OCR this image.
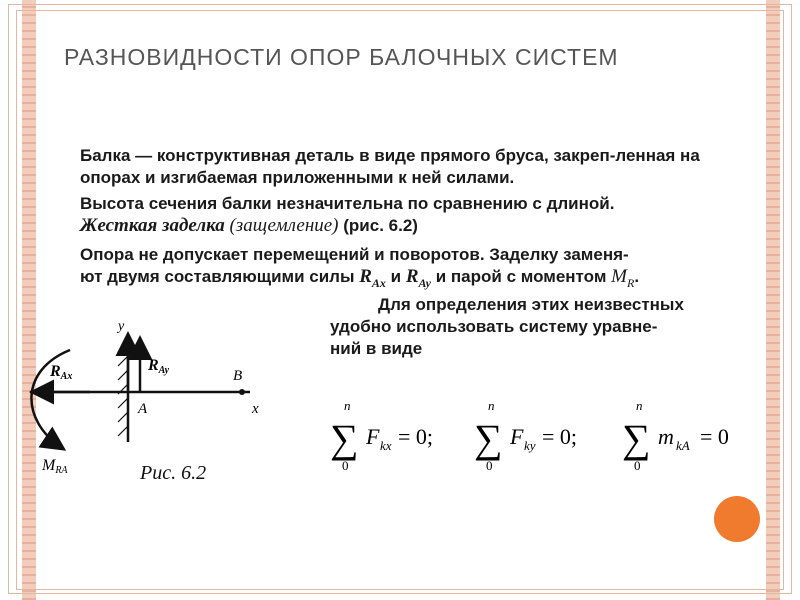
РАЗНОВИДНОСТИ ОПОР БАЛОЧНЫХ СИСТЕМ
Балка — конструктивная деталь в виде прямого бруса, закреп-ленная на опорах и изгибаемая приложенными к ней силами.
Высота сечения балки незначительна по сравнению с длиной.
Жесткая заделка (защемление) (рис. 6.2)
Опора не допускает перемещений и поворотов. Заделку заменя-
ют двумя составляющими силы $R_{Ax}$ и $R_{Ay}$ и парой с моментом $M_R$.
Для определения этих неизвестных
удобно использовать систему уравне-
ний в виде
y
x
A
B
RAx
RAy
MRA
n
∑
0
F kx = 0;
n
∑
0
F ky = 0;
n
∑
0
m kA = 0
Рис. 6.2
